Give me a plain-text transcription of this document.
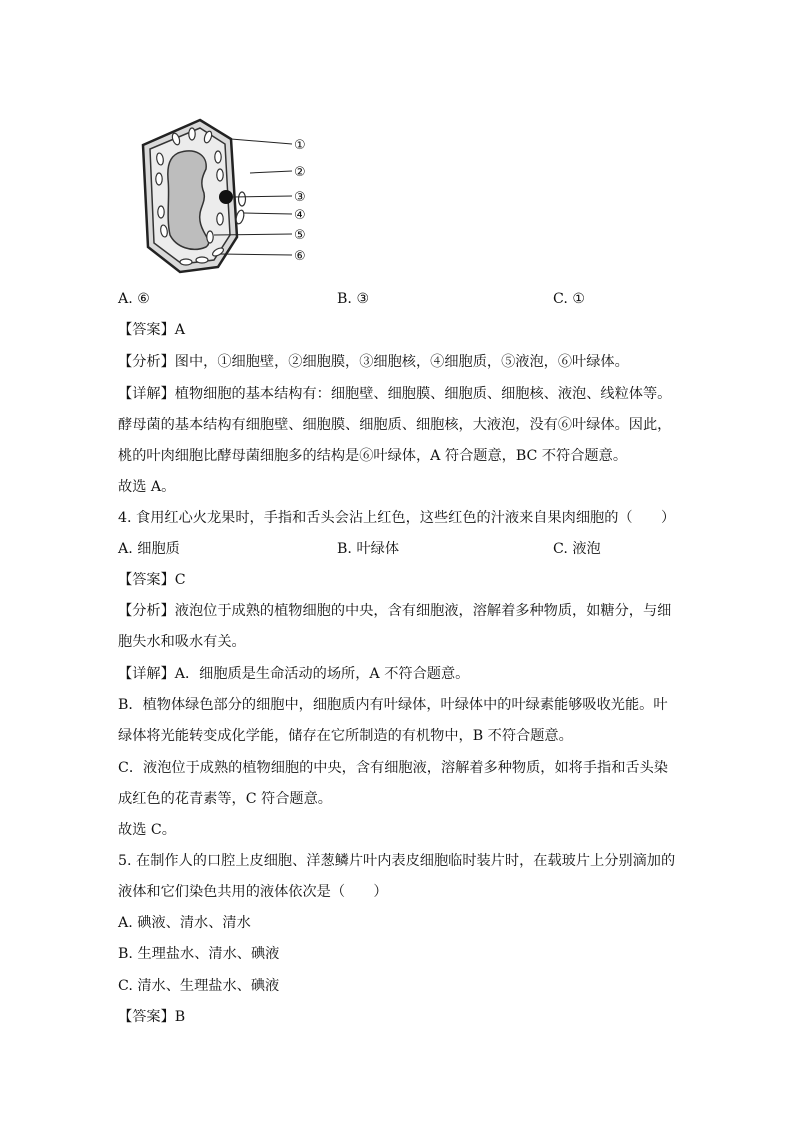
①
②
③
④
⑤
⑥
A. ⑥	B. ③	C. ①
【答案】A
【分析】图中，①细胞壁，②细胞膜，③细胞核，④细胞质，⑤液泡，⑥叶绿体。
【详解】植物细胞的基本结构有：细胞壁、细胞膜、细胞质、细胞核、液泡、线粒体等。
酵母菌的基本结构有细胞壁、细胞膜、细胞质、细胞核，大液泡，没有⑥叶绿体。因此，
桃的叶肉细胞比酵母菌细胞多的结构是⑥叶绿体，A 符合题意，BC 不符合题意。
故选 A。
4. 食用红心火龙果时，手指和舌头会沾上红色，这些红色的汁液来自果肉细胞的（　　）
A. 细胞质	B. 叶绿体	C. 液泡
【答案】C
【分析】液泡位于成熟的植物细胞的中央，含有细胞液，溶解着多种物质，如糖分，与细
胞失水和吸水有关。
【详解】A．细胞质是生命活动的场所，A 不符合题意。
B．植物体绿色部分的细胞中，细胞质内有叶绿体，叶绿体中的叶绿素能够吸收光能。叶
绿体将光能转变成化学能，储存在它所制造的有机物中，B 不符合题意。
C．液泡位于成熟的植物细胞的中央，含有细胞液，溶解着多种物质，如将手指和舌头染
成红色的花青素等，C 符合题意。
故选 C。
5. 在制作人的口腔上皮细胞、洋葱鳞片叶内表皮细胞临时装片时，在载玻片上分别滴加的
液体和它们染色共用的液体依次是（　　）
A. 碘液、清水、清水
B. 生理盐水、清水、碘液
C. 清水、生理盐水、碘液
【答案】B
